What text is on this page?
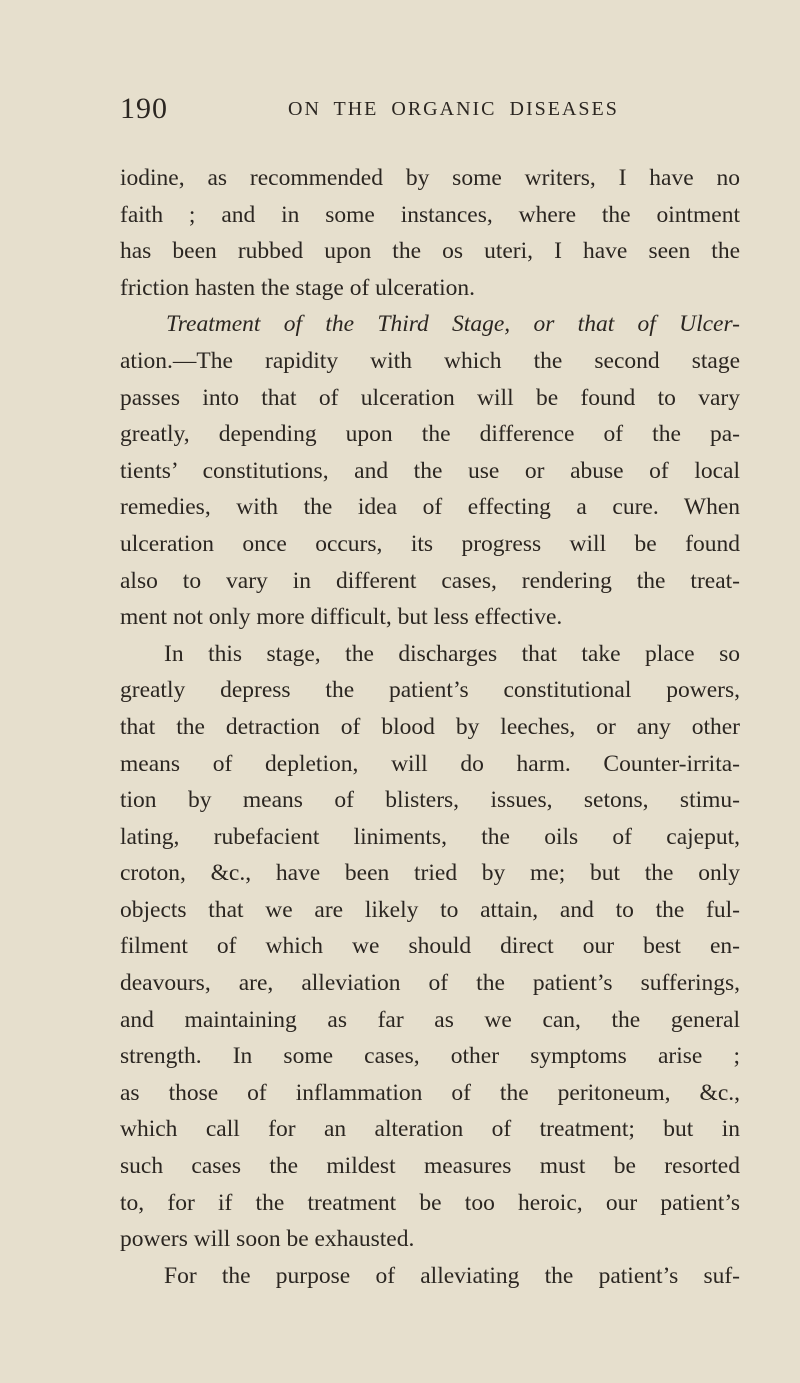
190	ON THE ORGANIC DISEASES
iodine, as recommended by some writers, I have no
faith ; and in some instances, where the ointment
has been rubbed upon the os uteri, I have seen the
friction hasten the stage of ulceration.
Treatment of the Third Stage, or that of Ulcer-
ation.—The rapidity with which the second stage
passes into that of ulceration will be found to vary
greatly, depending upon the difference of the pa-
tients’ constitutions, and the use or abuse of local
remedies, with the idea of effecting a cure. When
ulceration once occurs, its progress will be found
also to vary in different cases, rendering the treat-
ment not only more difficult, but less effective.
In this stage, the discharges that take place so
greatly depress the patient’s constitutional powers,
that the detraction of blood by leeches, or any other
means of depletion, will do harm. Counter-irrita-
tion by means of blisters, issues, setons, stimu-
lating, rubefacient liniments, the oils of cajeput,
croton, &c., have been tried by me; but the only
objects that we are likely to attain, and to the ful-
filment of which we should direct our best en-
deavours, are, alleviation of the patient’s sufferings,
and maintaining as far as we can, the general
strength. In some cases, other symptoms arise ;
as those of inflammation of the peritoneum, &c.,
which call for an alteration of treatment; but in
such cases the mildest measures must be resorted
to, for if the treatment be too heroic, our patient’s
powers will soon be exhausted.
For the purpose of alleviating the patient’s suf-
